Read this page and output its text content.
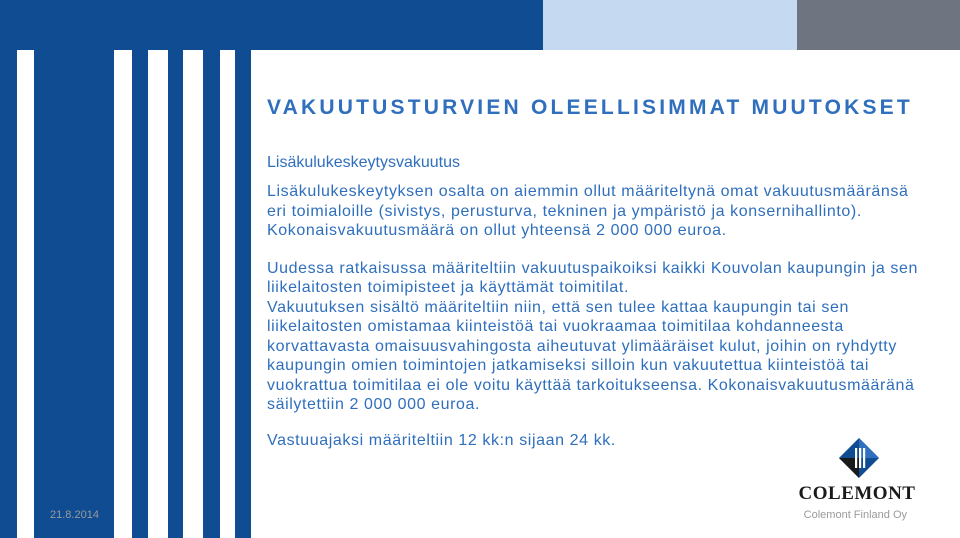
VAKUUTUSTURVIEN OLEELLISIMMAT MUUTOKSET
Lisäkulukeskeytysvakuutus

Lisäkulukeskeytyksen osalta on aiemmin ollut määriteltynä omat vakuutusmääränsä eri toimialoille (sivistys, perusturva, tekninen ja ympäristö ja konsernihallinto). Kokonaisvakuutusmäärä on ollut yhteensä 2 000 000 euroa.

Uudessa ratkaisussa määriteltiin vakuutuspaikoiksi kaikki Kouvolan kaupungin ja sen liikelaitosten toimipisteet ja käyttämät toimitilat.

Vakuutuksen sisältö määriteltiin niin, että sen tulee kattaa kaupungin tai sen liikelaitosten omistamaa kiinteistöä tai vuokraamaa toimitilaa kohdanneesta korvattavasta omaisuusvahingosta aiheutuvat ylimääräiset kulut, joihin on ryhdytty kaupungin omien toimintojen jatkamiseksi silloin kun vakuutettua kiinteistöä tai vuokrattua toimitilaa ei ole voitu käyttää tarkoitukseensa. Kokonaisvakuutusmääränä säilytettiin 2 000 000 euroa.

Vastuuajaksi määriteltiin 12 kk:n sijaan 24 kk.

COLEMONT
21.8.2014	Colemont Finland Oy
